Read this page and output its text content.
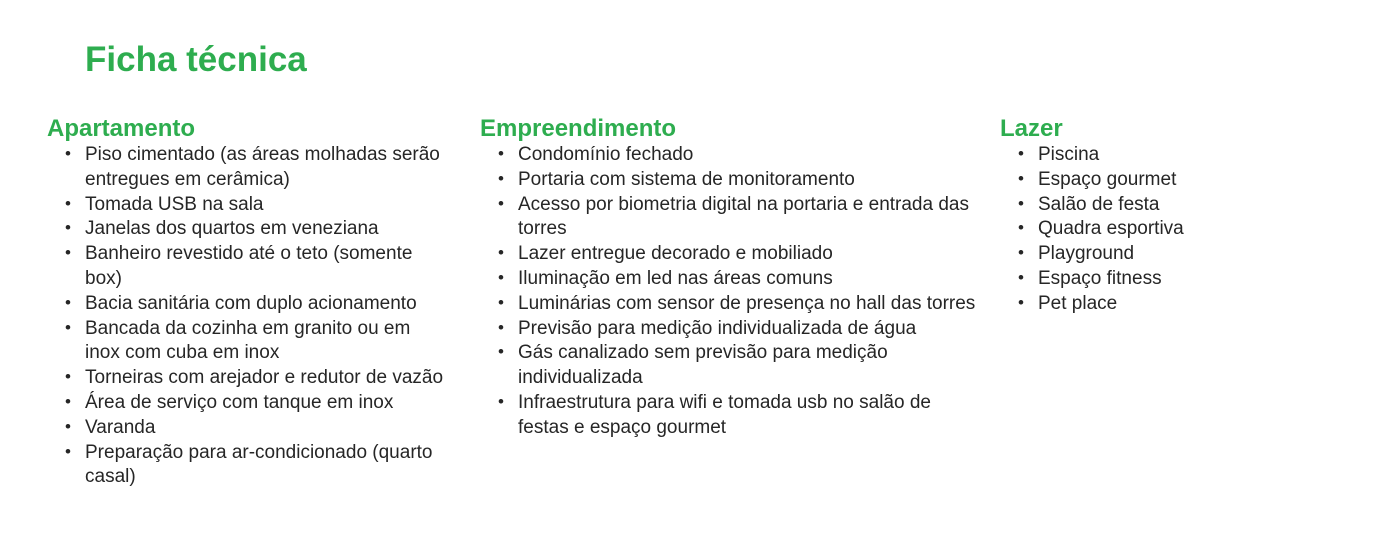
Ficha técnica
Apartamento
• Piso cimentado (as áreas molhadas serão entregues em cerâmica)
• Tomada USB na sala
• Janelas dos quartos em veneziana
• Banheiro revestido até o teto (somente box)
• Bacia sanitária com duplo acionamento
• Bancada da cozinha em granito ou em inox com cuba em inox
• Torneiras com arejador e redutor de vazão
• Área de serviço com tanque em inox
• Varanda
• Preparação para ar-condicionado (quarto casal)
Empreendimento
• Condomínio fechado
• Portaria com sistema de monitoramento
• Acesso por biometria digital na portaria e entrada das torres
• Lazer entregue decorado e mobiliado
• Iluminação em led nas áreas comuns
• Luminárias com sensor de presença no hall das torres
• Previsão para medição individualizada de água
• Gás canalizado sem previsão para medição individualizada
• Infraestrutura para wifi e tomada usb no salão de festas e espaço gourmet
Lazer
• Piscina
• Espaço gourmet
• Salão de festa
• Quadra esportiva
• Playground
• Espaço fitness
• Pet place
